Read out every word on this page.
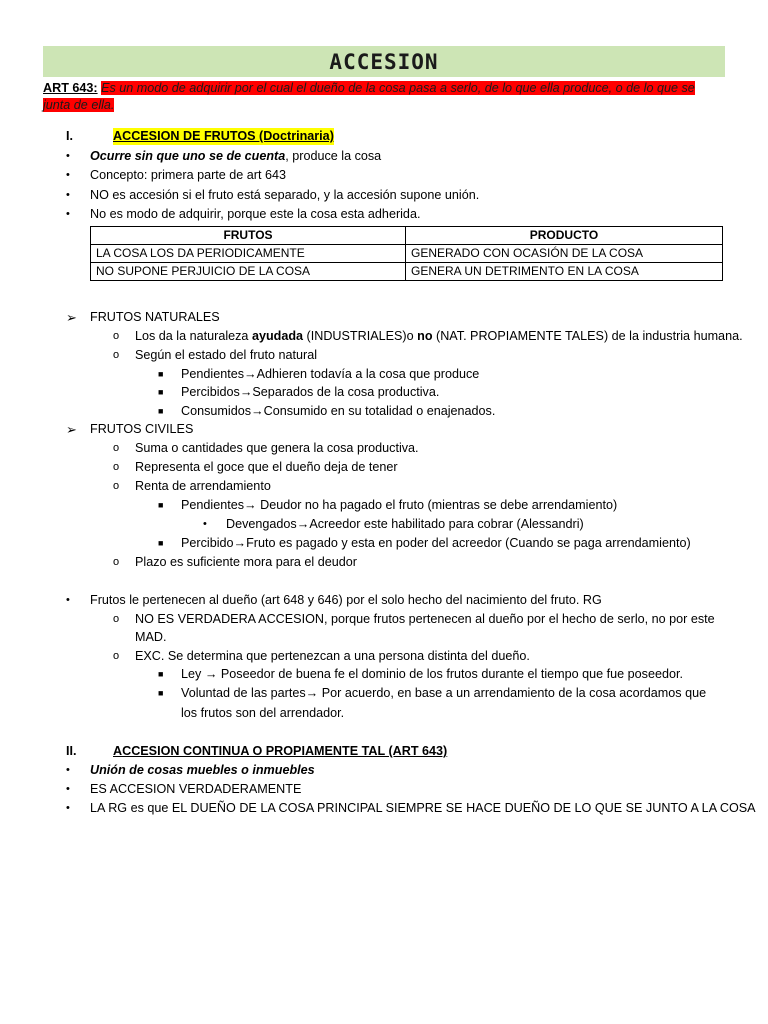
ACCESION
ART 643: Es un modo de adquirir por el cual el dueño de la cosa pasa a serlo, de lo que ella produce, o de lo que se junta de ella.
I.	ACCESION DE FRUTOS (Doctrinaria)
• Ocurre sin que uno se de cuenta, produce la cosa
• Concepto: primera parte de art 643
• NO es accesión si el fruto está separado, y la accesión supone unión.
• No es modo de adquirir, porque este la cosa esta adherida.
FRUTOS	PRODUCTO
LA COSA LOS DA PERIODICAMENTE	GENERADO CON OCASIÓN DE LA COSA
NO SUPONE PERJUICIO DE LA COSA	GENERA UN DETRIMENTO EN LA COSA
➢ FRUTOS NATURALES
o Los da la naturaleza ayudada (INDUSTRIALES)o no (NAT. PROPIAMENTE TALES) de la industria humana.
o Según el estado del fruto natural
■ Pendientes→Adhieren todavía a la cosa que produce
■ Percibidos→Separados de la cosa productiva.
■ Consumidos→Consumido en su totalidad o enajenados.
➢ FRUTOS CIVILES
o Suma o cantidades que genera la cosa productiva.
o Representa el goce que el dueño deja de tener
o Renta de arrendamiento
■ Pendientes→ Deudor no ha pagado el fruto (mientras se debe arrendamiento)
• Devengados→Acreedor este habilitado para cobrar (Alessandri)
■ Percibido→Fruto es pagado y esta en poder del acreedor (Cuando se paga arrendamiento)
o Plazo es suficiente mora para el deudor
• Frutos le pertenecen al dueño (art 648 y 646) por el solo hecho del nacimiento del fruto. RG
o NO ES VERDADERA ACCESION, porque frutos pertenecen al dueño por el hecho de serlo, no por este
MAD.
o EXC. Se determina que pertenezcan a una persona distinta del dueño.
■ Ley → Poseedor de buena fe el dominio de los frutos durante el tiempo que fue poseedor.
■ Voluntad de las partes→ Por acuerdo, en base a un arrendamiento de la cosa acordamos que
los frutos son del arrendador.
II.	ACCESION CONTINUA O PROPIAMENTE TAL (ART 643)
• Unión de cosas muebles o inmuebles
• ES ACCESION VERDADERAMENTE
• LA RG es que EL DUEÑO DE LA COSA PRINCIPAL SIEMPRE SE HACE DUEÑO DE LO QUE SE JUNTO A LA COSA
